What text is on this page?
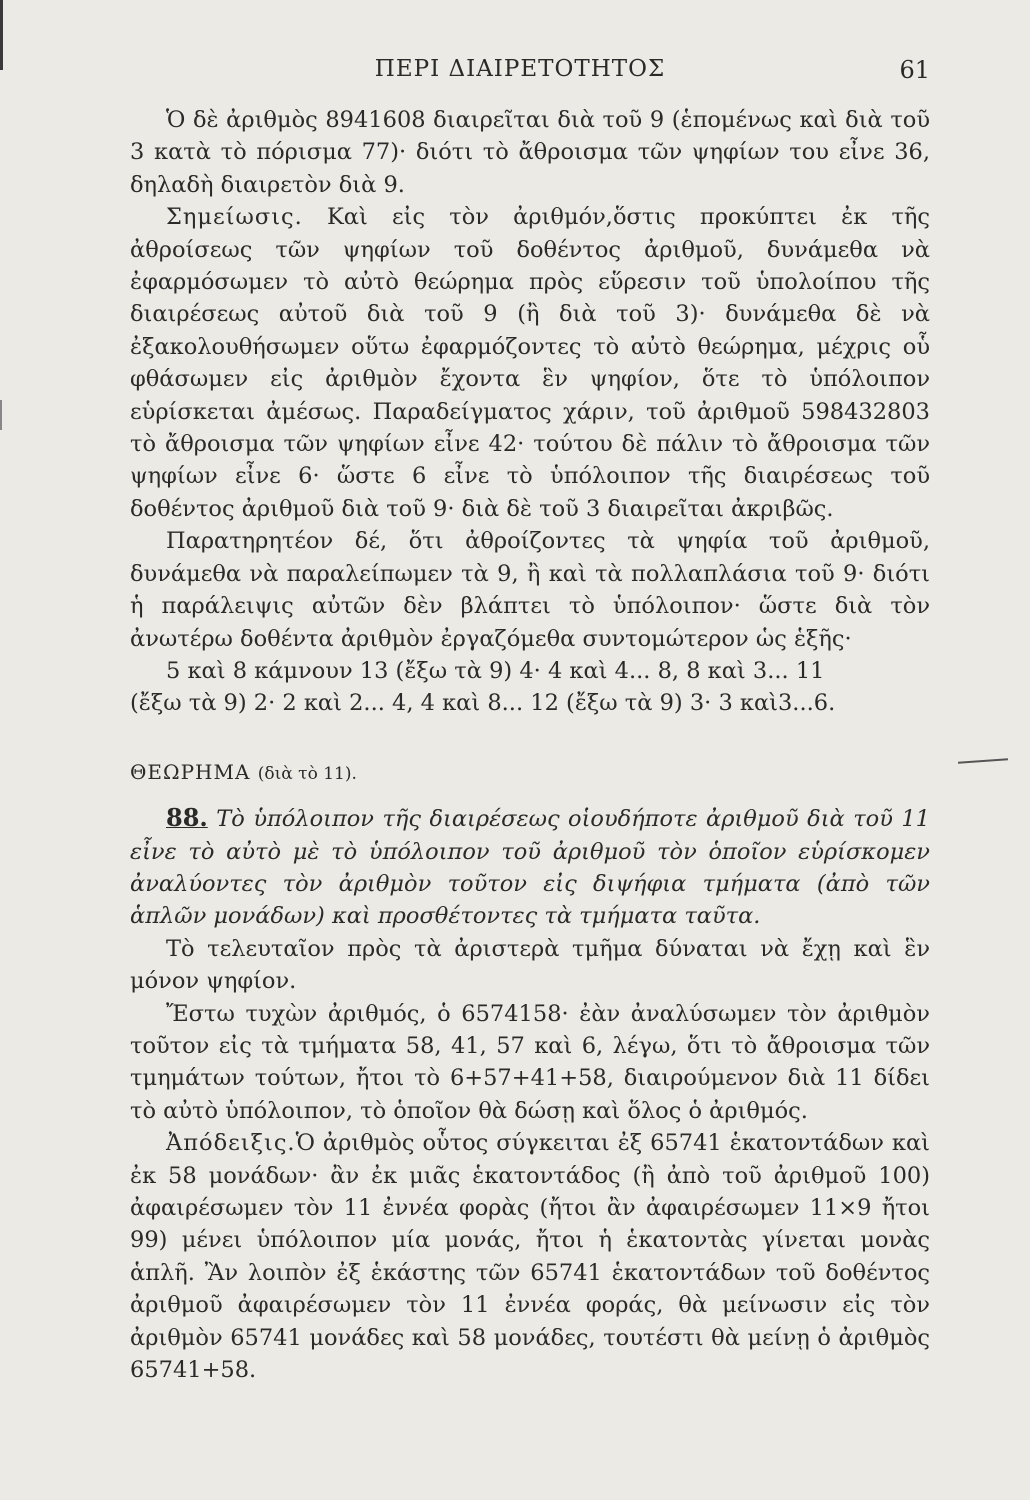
ΠΕΡΙ ΔΙΑΙΡΕΤΟΤΗΤΟΣ	61

Ὁ δὲ ἀριθμὸς 8941608 διαιρεῖται διὰ τοῦ 9 (ἑπομένως καὶ διὰ τοῦ 3 κατὰ τὸ πόρισμα 77)· διότι τὸ ἄθροισμα τῶν ψηφίων του εἶνε 36, δηλαδὴ διαιρετὸν διὰ 9.

Σημείωσις. Καὶ εἰς τὸν ἀριθμόν,ὅστις προκύπτει ἐκ τῆς ἀθροίσεως τῶν ψηφίων τοῦ δοθέντος ἀριθμοῦ, δυνάμεθα νὰ ἐφαρμόσωμεν τὸ αὐτὸ θεώρημα πρὸς εὕρεσιν τοῦ ὑπολοίπου τῆς διαιρέσεως αὐτοῦ διὰ τοῦ 9 (ἢ διὰ τοῦ 3)· δυνάμεθα δὲ νὰ ἐξακολουθήσωμεν οὕτω ἐφαρμόζοντες τὸ αὐτὸ θεώρημα, μέχρις οὗ φθάσωμεν εἰς ἀριθμὸν ἔχοντα ἓν ψηφίον, ὅτε τὸ ὑπόλοιπον εὑρίσκεται ἀμέσως. Παραδείγματος χάριν, τοῦ ἀριθμοῦ 598432803 τὸ ἄθροισμα τῶν ψηφίων εἶνε 42· τούτου δὲ πάλιν τὸ ἄθροισμα τῶν ψηφίων εἶνε 6· ὥστε 6 εἶνε τὸ ὑπόλοιπον τῆς διαιρέσεως τοῦ δοθέντος ἀριθμοῦ διὰ τοῦ 9· διὰ δὲ τοῦ 3 διαιρεῖται ἀκριβῶς.

Παρατηρητέον δέ, ὅτι ἀθροίζοντες τὰ ψηφία τοῦ ἀριθμοῦ, δυνάμεθα νὰ παραλείπωμεν τὰ 9, ἢ καὶ τὰ πολλαπλάσια τοῦ 9· διότι ἡ παράλειψις αὐτῶν δὲν βλάπτει τὸ ὑπόλοιπον· ὥστε διὰ τὸν ἀνωτέρω δοθέντα ἀριθμὸν ἐργαζόμεθα συντομώτερον ὡς ἑξῆς·

5 καὶ 8 κάμνουν 13 (ἔξω τὰ 9) 4· 4 καὶ 4... 8, 8 καὶ 3... 11

(ἔξω τὰ 9) 2· 2 καὶ 2... 4, 4 καὶ 8... 12 (ἔξω τὰ 9) 3· 3 καὶ3...6.

ΘΕΩΡΗΜΑ (διὰ τὸ 11).

88. Τὸ ὑπόλοιπον τῆς διαιρέσεως οἱουδήποτε ἀριθμοῦ διὰ τοῦ 11 εἶνε τὸ αὐτὸ μὲ τὸ ὑπόλοιπον τοῦ ἀριθμοῦ τὸν ὁποῖον εὑρίσκομεν ἀναλύοντες τὸν ἀριθμὸν τοῦτον εἰς διψήφια τμήματα (ἀπὸ τῶν ἁπλῶν μονάδων) καὶ προσθέτοντες τὰ τμήματα ταῦτα.

Τὸ τελευταῖον πρὸς τὰ ἀριστερὰ τμῆμα δύναται νὰ ἔχῃ καὶ ἓν μόνον ψηφίον.

Ἔστω τυχὼν ἀριθμός, ὁ 6574158· ἐὰν ἀναλύσωμεν τὸν ἀριθμὸν τοῦτον εἰς τὰ τμήματα 58, 41, 57 καὶ 6, λέγω, ὅτι τὸ ἄθροισμα τῶν τμημάτων τούτων, ἤτοι τὸ 6+57+41+58, διαιρούμενον διὰ 11 δίδει τὸ αὐτὸ ὑπόλοιπον, τὸ ὁποῖον θὰ δώσῃ καὶ ὅλος ὁ ἀριθμός.

Ἀπόδειξις.Ὁ ἀριθμὸς οὗτος σύγκειται ἐξ 65741 ἑκατοντάδων καὶ ἐκ 58 μονάδων· ἂν ἐκ μιᾶς ἑκατοντάδος (ἢ ἀπὸ τοῦ ἀριθμοῦ 100) ἀφαιρέσωμεν τὸν 11 ἐννέα φορὰς (ἤτοι ἂν ἀφαιρέσωμεν 11×9 ἤτοι 99) μένει ὑπόλοιπον μία μονάς, ἤτοι ἡ ἑκατοντὰς γίνεται μονὰς ἁπλῆ. Ἂν λοιπὸν ἐξ ἑκάστης τῶν 65741 ἑκατοντάδων τοῦ δοθέντος ἀριθμοῦ ἀφαιρέσωμεν τὸν 11 ἐννέα φοράς, θὰ μείνωσιν εἰς τὸν ἀριθμὸν 65741 μονάδες καὶ 58 μονάδες, τουτέστι θὰ μείνῃ ὁ ἀριθμὸς 65741+58.
